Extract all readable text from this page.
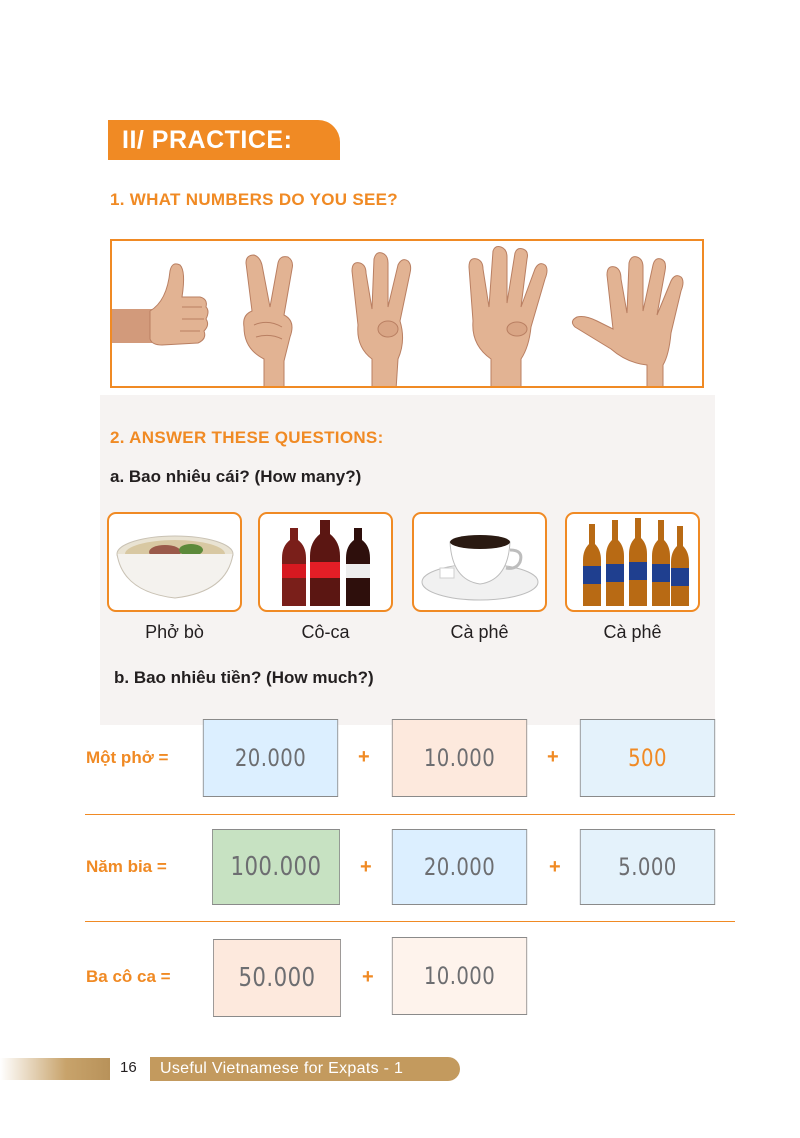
II/ PRACTICE:
1. WHAT NUMBERS DO YOU SEE?
2. ANSWER THESE QUESTIONS:
a. Bao nhiêu cái? (How many?)
Phở bò	Cô-ca	Cà phê	Cà phê
b. Bao nhiêu tiền? (How much?)
Một phở =	20.000	+ 10.000	+	500
Năm bia = 100.000 + 20.000	+ 5.000
Ba cô ca =	50.000 + 10.000
16 Useful Vietnamese for Expats - 1
